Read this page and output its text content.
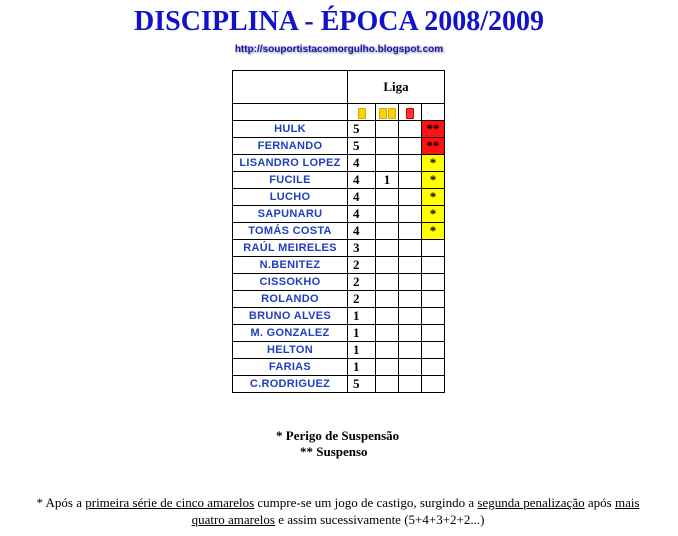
DISCIPLINA - ÉPOCA 2008/2009
http://souportistacomorgulho.blogspot.com
	Liga			

HULK	5			**
FERNANDO	5			**
LISANDRO LOPEZ	4			*
FUCILE	4	1		*
LUCHO	4			*
SAPUNARU	4			*
TOMÁS COSTA	4			*
RAÚL MEIRELES	3			
N.BENITEZ	2			
CISSOKHO	2			
ROLANDO	2			
BRUNO ALVES	1			
M. GONZALEZ	1			
HELTON	1			
FARIAS	1			
C.RODRIGUEZ	5			
* Perigo de Suspensão
** Suspenso
* Após a primeira série de cinco amarelos cumpre-se um jogo de castigo, surgindo a segunda penalização após mais
quatro amarelos e assim sucessivamente (5+4+3+2+2...)
